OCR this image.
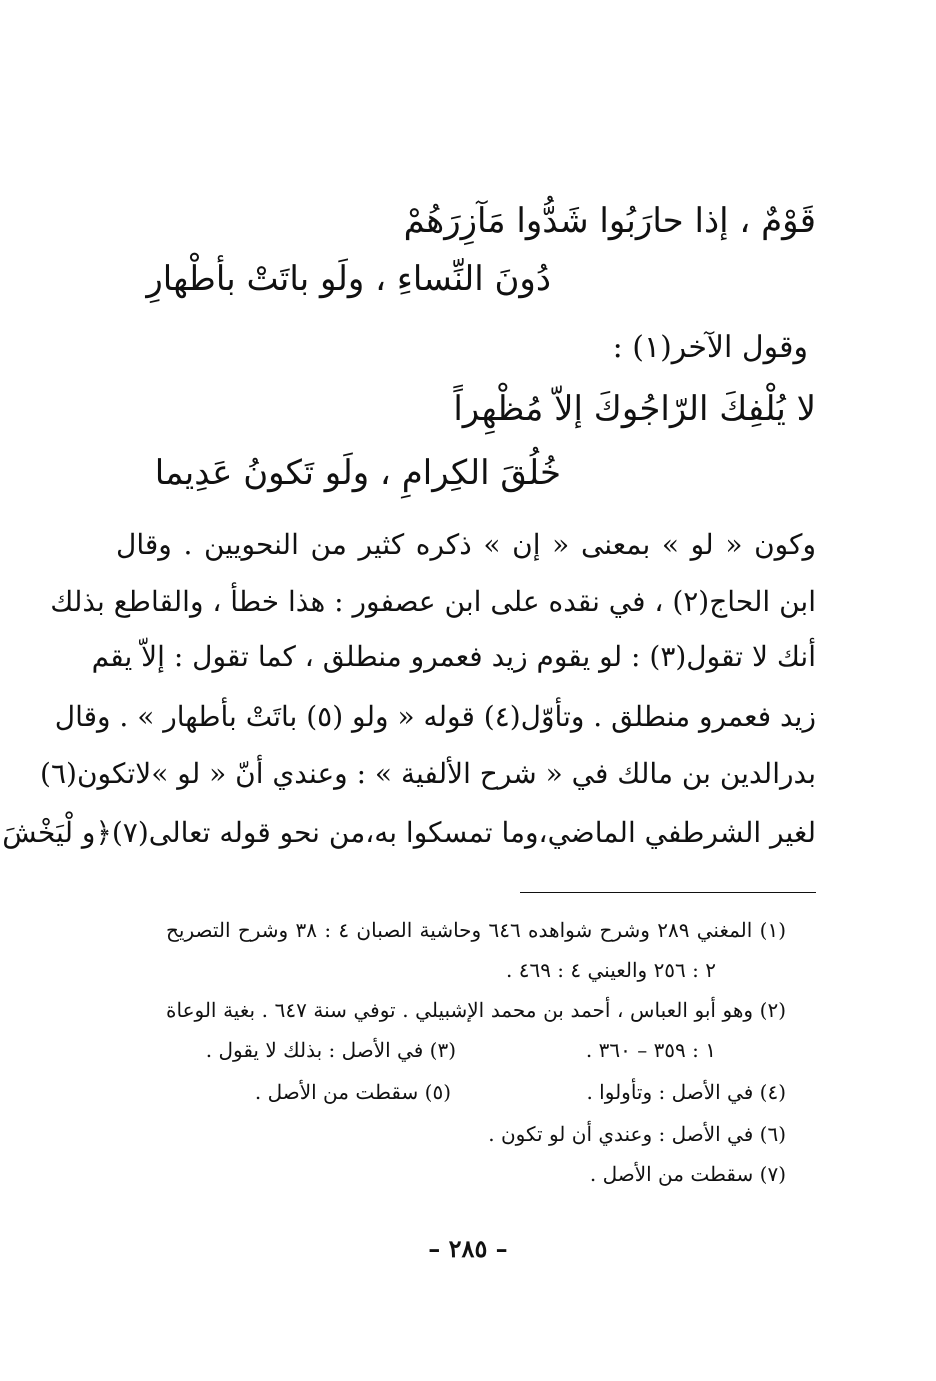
قَوْمٌ ، إذا حارَبُوا شَدُّوا مَآزِرَهُمْ
دُونَ النِّساءِ ، ولَو باتَتْ بأطْهارِ
وقول الآخر(١) :
لا يُلْفِكَ الرّاجُوكَ إلاّ مُظْهِراً
خُلُقَ الكِرامِ ، ولَو تَكونُ عَدِيما
وكون « لو » بمعنى « إن » ذكره كثير من النحويين . وقال
ابن الحاج(٢) ، في نقده على ابن عصفور : هذا خطأ ، والقاطع بذلك
أنك لا تقول(٣) : لو يقوم زيد فعمرو منطلق ، كما تقول : إلاّ يقم
زيد فعمرو منطلق . وتأوّل(٤) قوله « ولو (٥) باتَتْ بأطهار » . وقال
بدرالدين بن مالك في « شرح الألفية » : وعندي أنّ « لو »لاتكون(٦)
لغير الشرطفي الماضي،وما تمسكوا به،من نحو قوله تعالى(٧)﴿و لْيَخْشَ
(١) المغني ٢٨٩ وشرح شواهده ٦٤٦ وحاشية الصبان ٤ : ٣٨ وشرح التصريح
٢ : ٢٥٦ والعيني ٤ : ٤٦٩ .
(٢) وهو أبو العباس ، أحمد بن محمد الإشبيلي . توفي سنة ٦٤٧ . بغية الوعاة
١ : ٣٥٩ – ٣٦٠ .
(٣) في الأصل : بذلك لا يقول .
(٤) في الأصل : وتأولوا .
(٥) سقطت من الأصل .
(٦) في الأصل : وعندي أن لو تكون .
(٧) سقطت من الأصل .
– ٢٨٥ –
